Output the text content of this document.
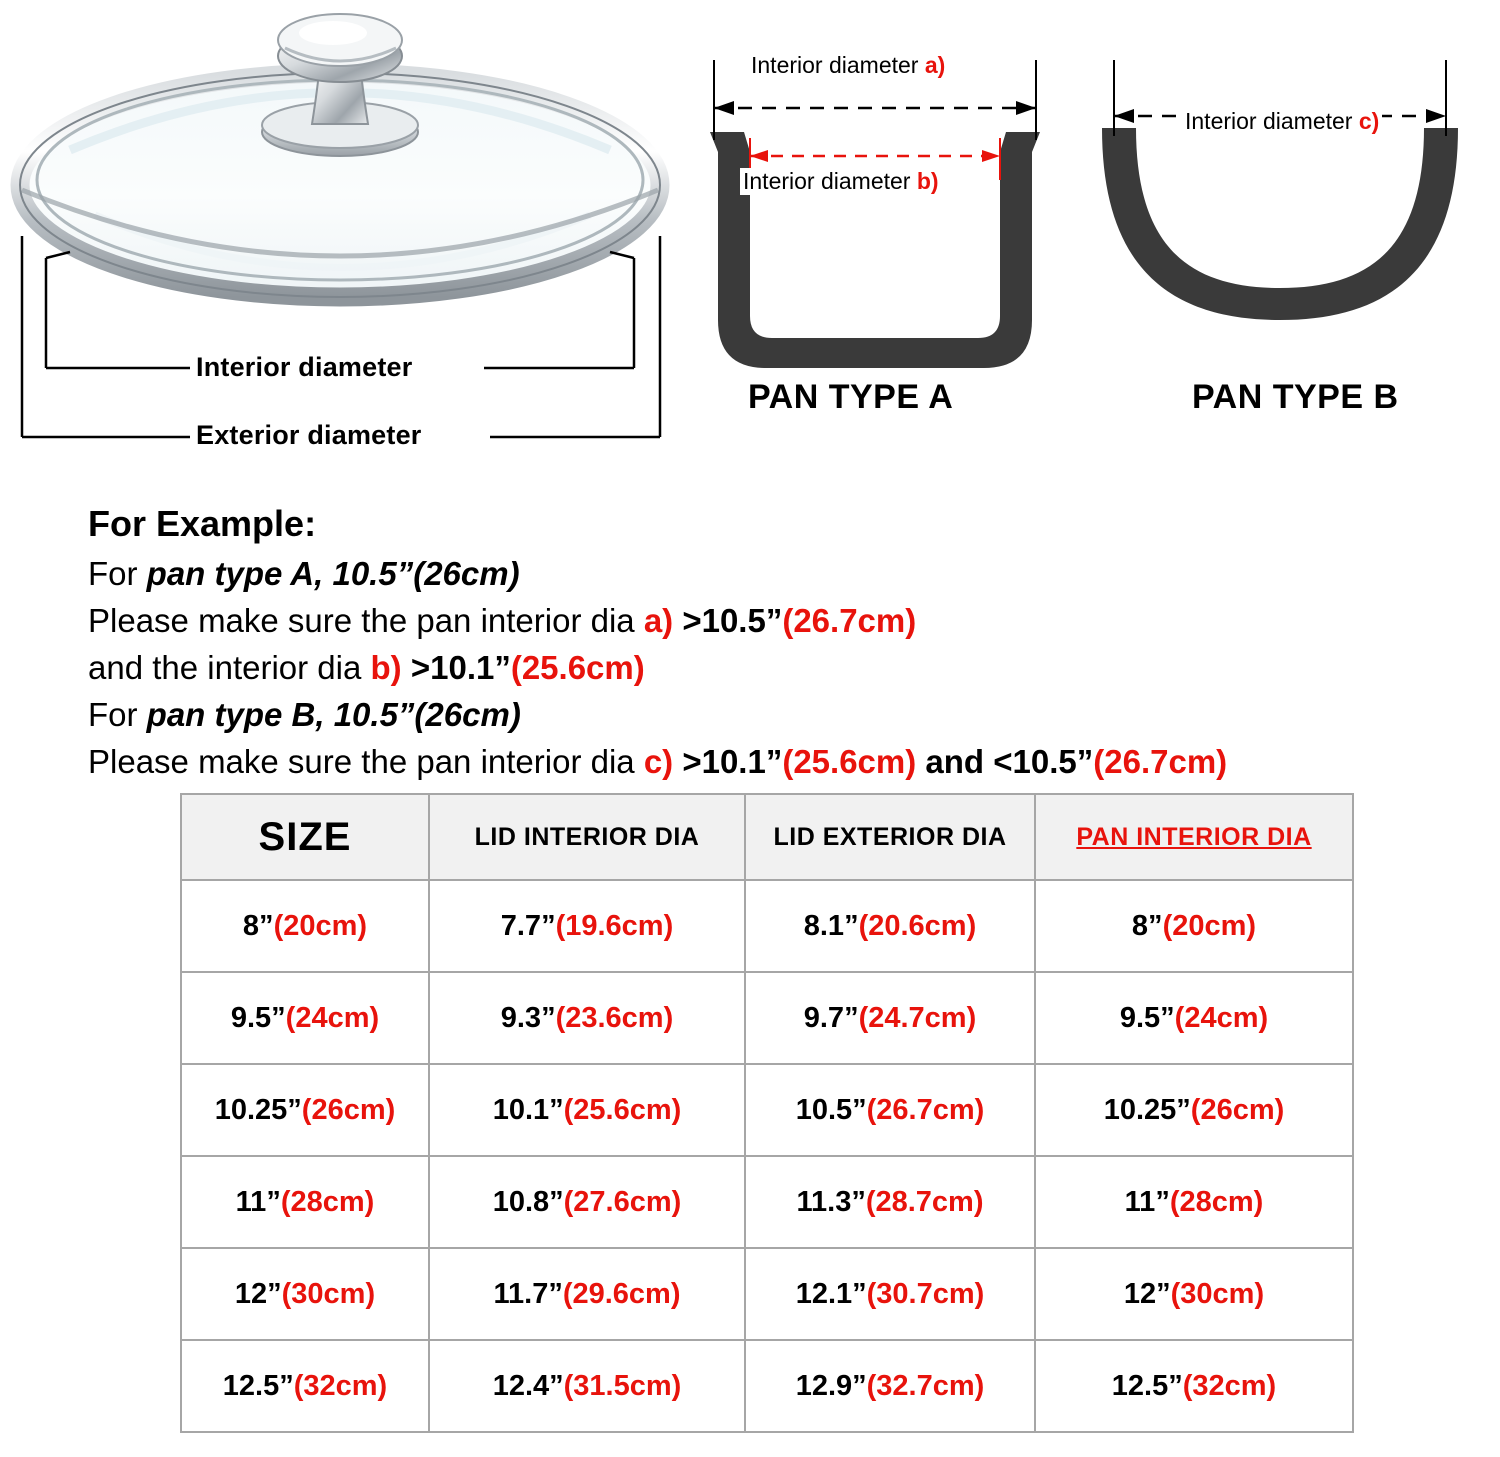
Interior diameter
Exterior diameter
Interior diameter a)
Interior diameter b)
PAN TYPE A
Interior diameter c)
PAN TYPE B
For Example:
For pan type A, 10.5”(26cm)
Please make sure the pan interior dia a) >10.5”(26.7cm)
and the interior dia b) >10.1”(25.6cm)
For pan type B, 10.5”(26cm)
Please make sure the pan interior dia c) >10.1”(25.6cm) and <10.5”(26.7cm)
SIZE	LID INTERIOR DIA	LID EXTERIOR DIA	PAN INTERIOR DIA
8”(20cm)	7.7”(19.6cm)	8.1”(20.6cm)	8”(20cm)
9.5”(24cm)	9.3”(23.6cm)	9.7”(24.7cm)	9.5”(24cm)
10.25”(26cm)	10.1”(25.6cm)	10.5”(26.7cm)	10.25”(26cm)
11”(28cm)	10.8”(27.6cm)	11.3”(28.7cm)	11”(28cm)
12”(30cm)	11.7”(29.6cm)	12.1”(30.7cm)	12”(30cm)
12.5”(32cm)	12.4”(31.5cm)	12.9”(32.7cm)	12.5”(32cm)
